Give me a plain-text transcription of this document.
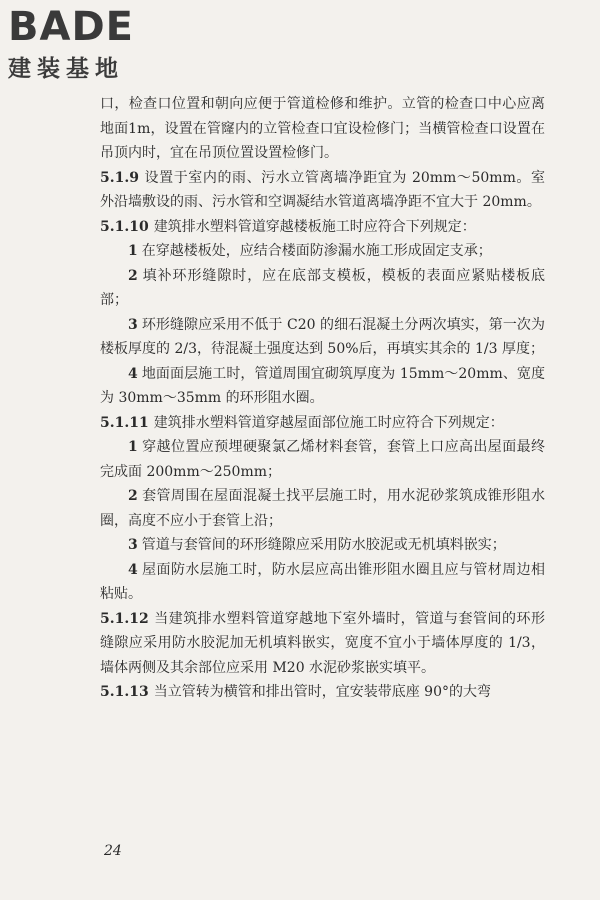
BADE
建装基地

口，检查口位置和朝向应便于管道检修和维护。立管的检查口中心应离地面1m，设置在管窿内的立管检查口宜设检修门；当横管检查口设置在吊顶内时，宜在吊顶位置设置检修门。

5.1.9 设置于室内的雨、污水立管离墙净距宜为 20mm～50mm。室外沿墙敷设的雨、污水管和空调凝结水管道离墙净距不宜大于 20mm。

5.1.10 建筑排水塑料管道穿越楼板施工时应符合下列规定：

1 在穿越楼板处，应结合楼面防渗漏水施工形成固定支承；

2 填补环形缝隙时，应在底部支模板，模板的表面应紧贴楼板底部；

3 环形缝隙应采用不低于 C20 的细石混凝土分两次填实，第一次为楼板厚度的 2/3，待混凝土强度达到 50%后，再填实其余的 1/3 厚度；

4 地面面层施工时，管道周围宜砌筑厚度为 15mm～20mm、宽度为 30mm～35mm 的环形阻水圈。

5.1.11 建筑排水塑料管道穿越屋面部位施工时应符合下列规定：

1 穿越位置应预埋硬聚氯乙烯材料套管，套管上口应高出屋面最终完成面 200mm～250mm；

2 套管周围在屋面混凝土找平层施工时，用水泥砂浆筑成锥形阻水圈，高度不应小于套管上沿；

3 管道与套管间的环形缝隙应采用防水胶泥或无机填料嵌实；

4 屋面防水层施工时，防水层应高出锥形阻水圈且应与管材周边相粘贴。

5.1.12 当建筑排水塑料管道穿越地下室外墙时，管道与套管间的环形缝隙应采用防水胶泥加无机填料嵌实，宽度不宜小于墙体厚度的 1/3，墙体两侧及其余部位应采用 M20 水泥砂浆嵌实填平。

5.1.13 当立管转为横管和排出管时，宜安装带底座 90°的大弯

24
